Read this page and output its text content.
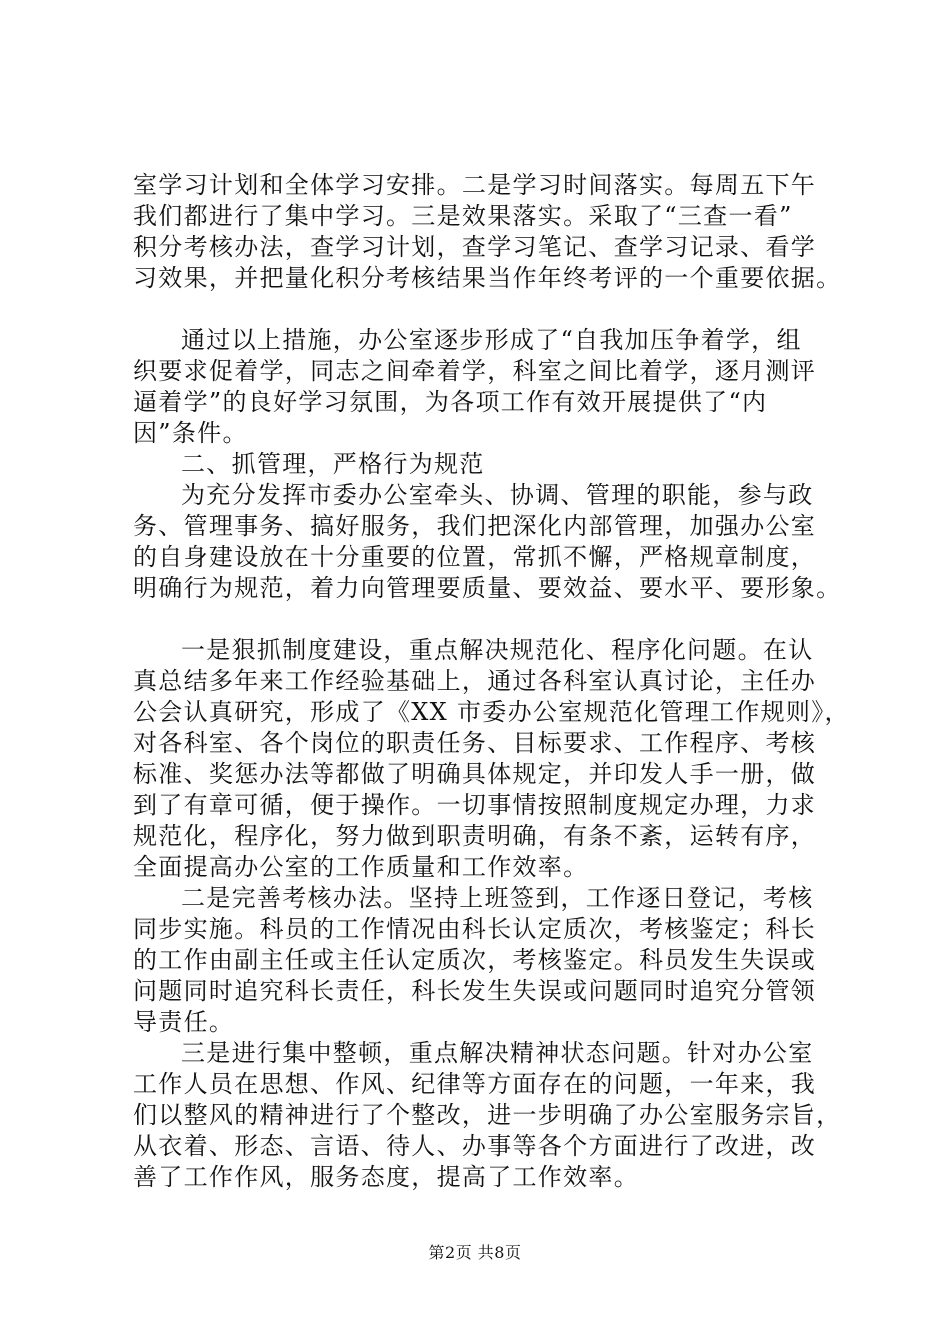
室学习计划和全体学习安排。二是学习时间落实。每周五下午
我们都进行了集中学习。三是效果落实。采取了“三查一看”
积分考核办法，查学习计划，查学习笔记、查学习记录、看学
习效果，并把量化积分考核结果当作年终考评的一个重要依据。
通过以上措施，办公室逐步形成了“自我加压争着学，组
织要求促着学，同志之间牵着学，科室之间比着学，逐月测评
逼着学”的良好学习氛围，为各项工作有效开展提供了“内
因”条件。
二、抓管理，严格行为规范
为充分发挥市委办公室牵头、协调、管理的职能，参与政
务、管理事务、搞好服务，我们把深化内部管理，加强办公室
的自身建设放在十分重要的位置，常抓不懈，严格规章制度，
明确行为规范，着力向管理要质量、要效益、要水平、要形象。
一是狠抓制度建设，重点解决规范化、程序化问题。在认
真总结多年来工作经验基础上，通过各科室认真讨论，主任办
公会认真研究，形成了《XX 市委办公室规范化管理工作规则》，
对各科室、各个岗位的职责任务、目标要求、工作程序、考核
标准、奖惩办法等都做了明确具体规定，并印发人手一册，做
到了有章可循，便于操作。一切事情按照制度规定办理，力求
规范化，程序化，努力做到职责明确，有条不紊，运转有序，
全面提高办公室的工作质量和工作效率。
二是完善考核办法。坚持上班签到，工作逐日登记，考核
同步实施。科员的工作情况由科长认定质次，考核鉴定；科长
的工作由副主任或主任认定质次，考核鉴定。科员发生失误或
问题同时追究科长责任，科长发生失误或问题同时追究分管领
导责任。
三是进行集中整顿，重点解决精神状态问题。针对办公室
工作人员在思想、作风、纪律等方面存在的问题，一年来，我
们以整风的精神进行了个整改，进一步明确了办公室服务宗旨，
从衣着、形态、言语、待人、办事等各个方面进行了改进，改
善了工作作风，服务态度，提高了工作效率。
第2页 共8页
